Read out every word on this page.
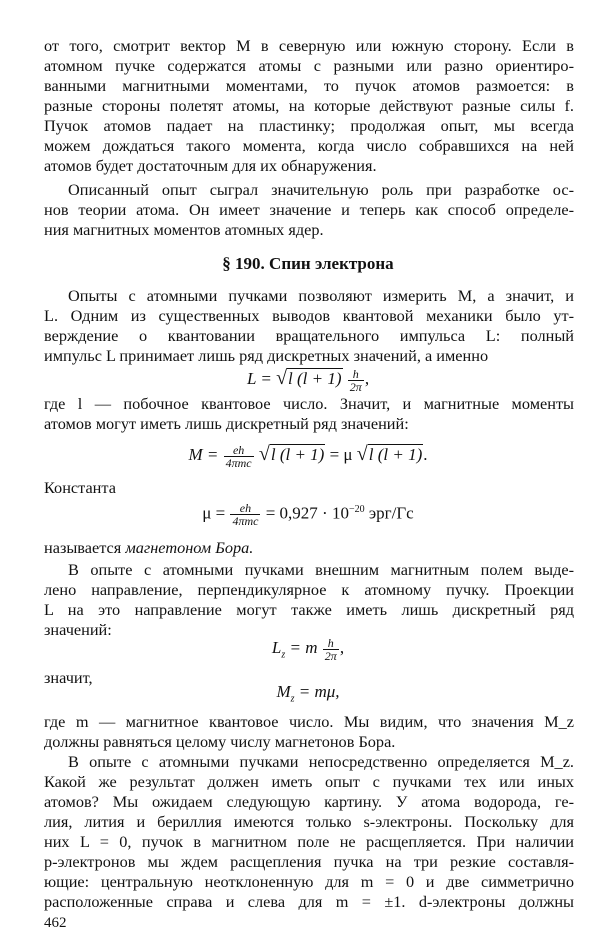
от того, смотрит вектор M в северную или южную сторону. Если в
атомном пучке содержатся атомы с разными или разно ориентиро-
ванными магнитными моментами, то пучок атомов размоется: в
разные стороны полетят атомы, на которые действуют разные силы f.
Пучок атомов падает на пластинку; продолжая опыт, мы всегда
можем дождаться такого момента, когда число собравшихся на ней
атомов будет достаточным для их обнаружения.
Описанный опыт сыграл значительную роль при разработке ос-
нов теории атома. Он имеет значение и теперь как способ определе-
ния магнитных моментов атомных ядер.
§ 190. Спин электрона
Опыты с атомными пучками позволяют измерить M, а значит, и
L. Одним из существенных выводов квантовой механики было ут-
верждение о квантовании вращательного импульса L: полный
импульс L принимает лишь ряд дискретных значений, а именно
L = √l $(l + 1) \frac{h}{2\pi}$ ,
где l — побочное квантовое число. Значит, и магнитные моменты
атомов могут иметь лишь дискретный ряд значений:
$M = \frac{eh}{\text{4πmc}} √l$ (l + 1) = μ √l (l + 1).
Константа
$\mu = \frac{eh}{\text{4πmc}} = 0,927 \cdot 10^{-20}$ эрг/Гс
называется магнетоном Бора.
В опыте с атомными пучками внешним магнитным полем выде-
лено направление, перпендикулярное к атомному пучку. Проекции
L на это направление могут также иметь лишь дискретный ряд
значений:
$L_z = m \frac{h}{2\pi}$ ,
значит,
$M_z = m\mu$,
где m — магнитное квантовое число. Мы видим, что значения M_z
должны равняться целому числу магнетонов Бора.
В опыте с атомными пучками непосредственно определяется M_z.
Какой же результат должен иметь опыт с пучками тех или иных
атомов? Мы ожидаем следующую картину. У атома водорода, ге-
лия, лития и бериллия имеются только s-электроны. Поскольку для
них L = 0, пучок в магнитном поле не расщепляется. При наличии
p-электронов мы ждем расщепления пучка на три резкие составля-
ющие: центральную неотклоненную для m = 0 и две симметрично
расположенные справа и слева для m = ±1. d-электроны должны
462
